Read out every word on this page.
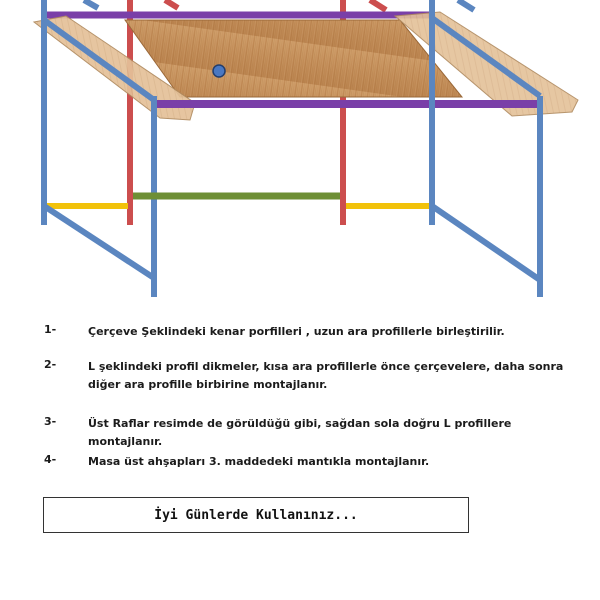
1-	Çerçeve Şeklindeki kenar porfilleri , uzun ara profillerle birleştirilir.
2-	L şeklindeki profil dikmeler, kısa ara profillerle önce çerçevelere, daha sonra diğer ara profille birbirine montajlanır.
3-	Üst Raflar resimde de görüldüğü gibi, sağdan sola doğru L profillere montajlanır.
4-	Masa üst ahşapları 3. maddedeki mantıkla montajlanır.
İyi Günlerde Kullanınız...
